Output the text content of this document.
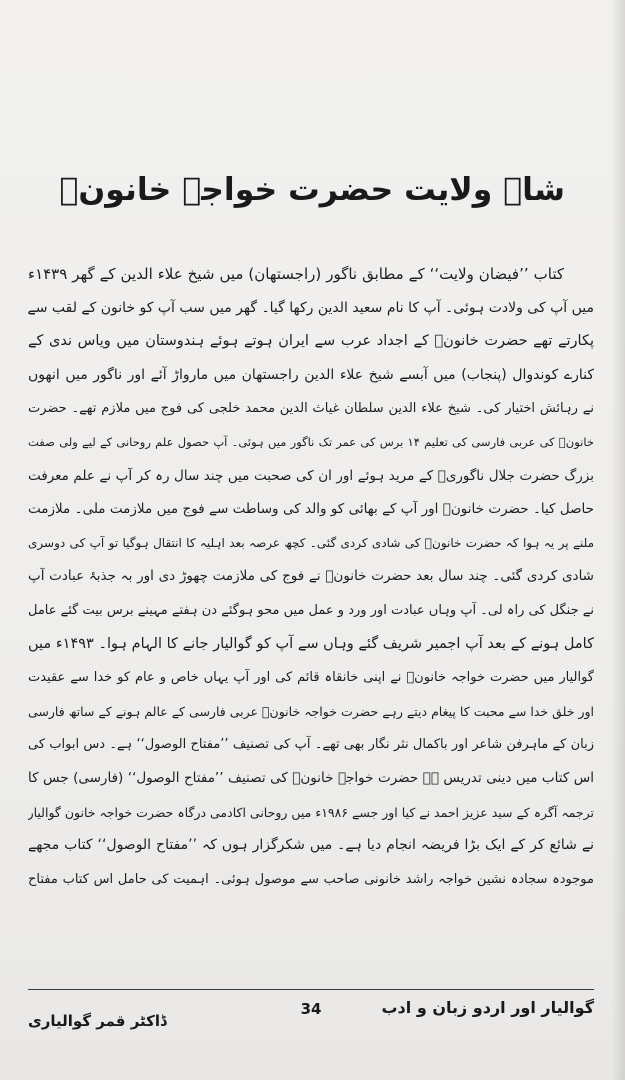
شاہ ولایت حضرت خواجہ خانونؒ
کتاب ’’فیضان ولایت‘‘ کے مطابق ناگور (راجستھان) میں شیخ علاء الدین کے گھر ۱۴۳۹ء
میں آپ کی ولادت ہوئی۔ آپ کا نام سعید الدین رکھا گیا۔ گھر میں سب آپ کو خانون کے لقب سے
پکارتے تھے حضرت خانونؒ کے اجداد عرب سے ایران ہوتے ہوئے ہندوستان میں ویاس ندی کے
کنارے کوندوال (پنجاب) میں آبسے شیخ علاء الدین راجستھان میں مارواڑ آئے اور ناگور میں انھوں
نے رہائش اختیار کی۔ شیخ علاء الدین سلطان غیاث الدین محمد خلجی کی فوج میں ملازم تھے۔ حضرت
خانونؒ کی عربی فارسی کی تعلیم ۱۴ برس کی عمر تک ناگور میں ہوئی۔ آپ حصول علم روحانی کے لیے ولی صفت
بزرگ حضرت جلال ناگوریؒ کے مرید ہوئے اور ان کی صحبت میں چند سال رہ کر آپ نے علم معرفت
حاصل کیا۔ حضرت خانونؒ اور آپ کے بھائی کو والد کی وساطت سے فوج میں ملازمت ملی۔ ملازمت
ملنے پر یہ ہوا کہ حضرت خانونؒ کی شادی کردی گئی۔ کچھ عرصہ بعد اہلیہ کا انتقال ہوگیا تو آپ کی دوسری
شادی کردی گئی۔ چند سال بعد حضرت خانونؒ نے فوج کی ملازمت چھوڑ دی اور بہ جذبۂ عبادت آپ
نے جنگل کی راہ لی۔ آپ وہاں عبادت اور ورد و عمل میں محو ہوگئے دن ہفتے مہینے برس بیت گئے عامل
کامل ہونے کے بعد آپ اجمیر شریف گئے وہاں سے آپ کو گوالیار جانے کا الہام ہوا۔ ۱۴۹۳ء میں
گوالیار میں حضرت خواجہ خانونؒ نے اپنی خانقاہ قائم کی اور آپ یہاں خاص و عام کو خدا سے عقیدت
اور خلق خدا سے محبت کا پیغام دیتے رہے حضرت خواجہ خانونؒ عربی فارسی کے عالم ہونے کے ساتھ فارسی
زبان کے ماہرفن شاعر اور باکمال نثر نگار بھی تھے۔ آپ کی تصنیف ’’مفتاح الوصول‘‘ ہے۔ دس ابواب کی
اس کتاب میں دینی تدریس ہے حضرت خواجہ خانونؒ کی تصنیف ’’مفتاح الوصول‘‘ (فارسی) جس کا
ترجمہ آگرہ کے سید عزیز احمد نے کیا اور جسے ۱۹۸۶ء میں روحانی اکادمی درگاہ حضرت خواجہ خانون گوالیار
نے شائع کر کے ایک بڑا فریضہ انجام دیا ہے۔ میں شکرگزار ہوں کہ ’’مفتاح الوصول‘‘ کتاب مجھے
موجودہ سجادہ نشین خواجہ راشد خانونی صاحب سے موصول ہوئی۔ اہمیت کی حامل اس کتاب مفتاح
گوالیار اور اردو زبان و ادب
34
ڈاکٹر قمر گوالیاری
